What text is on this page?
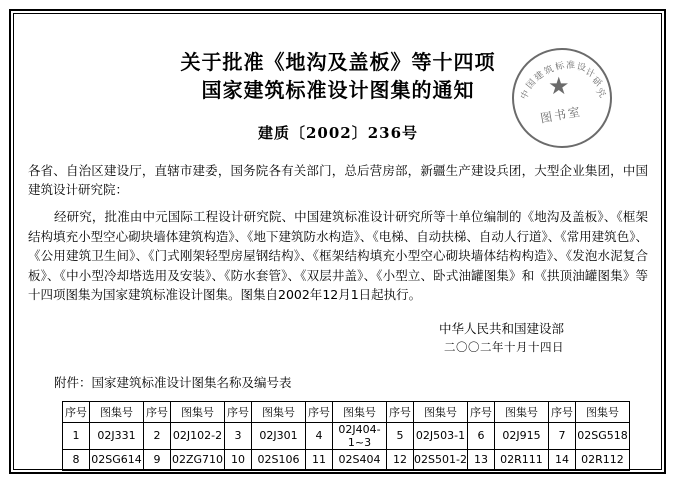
中
国
建
筑
标 准 设
计
研
究
★
图书室
关于批准《地沟及盖板》等十四项
国家建筑标准设计图集的通知
建质〔2002〕236号
各省、自治区建设厅，直辖市建委，国务院各有关部门，总后营房部，新疆生产建设兵团，大型企业集团，中国建筑设计研究院：
经研究，批准由中元国际工程设计研究院、中国建筑标准设计研究所等十单位编制的《地沟及盖板》、《框架结构填充小型空心砌块墙体建筑构造》、《地下建筑防水构造》、《电梯、自动扶梯、自动人行道》、《常用建筑色》、《公用建筑卫生间》、《门式刚架轻型房屋钢结构》、《框架结构填充小型空心砌块墙体结构构造》、《发泡水泥复合板》、《中小型冷却塔选用及安装》、《防水套管》、《双层井盖》、《小型立、卧式油罐图集》和《拱顶油罐图集》等十四项图集为国家建筑标准设计图集。图集自2002年12月1日起执行。
中华人民共和国建设部
二〇〇二年十月十四日
附件：国家建筑标准设计图集名称及编号表
序号	图集号	序号	图集号	序号	图集号	序号	图集号	序号	图集号	序号	图集号	序号	图集号
1	02J331	2	02J102-2	3	02J301	4	02J404-1~3	5	02J503-1	6	02J915	7	02SG518
8	02SG614	9	02ZG710	10	02S106	11	02S404	12	02S501-2	13	02R111	14	02R112
